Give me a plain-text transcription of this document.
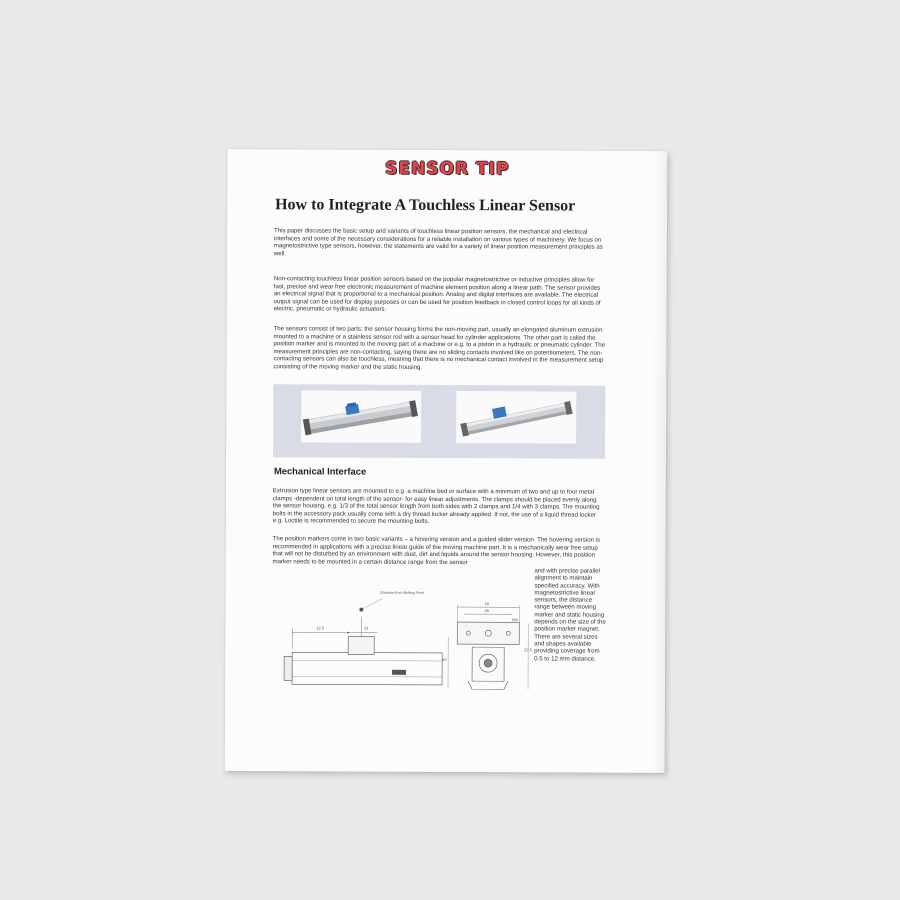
SENSOR TIP
How to Integrate A Touchless Linear Sensor

This paper discusses the basic setup and variants of touchless linear position sensors, the mechanical and electrical interfaces and some of the necessary considerations for a reliable installation on various types of machinery. We focus on magnetostrictive type sensors, however, the statements are valid for a variety of linear position measurement principles as well.

Non-contacting touchless linear position sensors based on the popular magnetostrictive or inductive principles allow for fast, precise and wear free electronic measurement of machine element position along a linear path. The sensor provides an electrical signal that is proportional to a mechanical position. Analog and digital interfaces are available. The electrical output signal can be used for display purposes or can be used for position feedback in closed control loops for all kinds of electric, pneumatic or hydraulic actuators.

The sensors consist of two parts: the sensor housing forms the non-moving part, usually an elongated aluminum extrusion mounted to a machine or a stainless sensor rod with a sensor head for cylinder applications. The other part is called the position marker and is mounted to the moving part of a machine or e.g. to a piston in a hydraulic or pneumatic cylinder. The measurement principles are non-contacting, saying there are no sliding contacts involved like on potentiometers. The non-contacting sensors can also be touchless, meaning that there is no mechanical contact involved in the measurement setup consisting of the moving marker and the static housing.

Mechanical Interface

Extrusion type linear sensors are mounted to e.g. a machine bed or surface with a minimum of two and up to four metal clamps -dependent on total length of the sensor- for easy linear adjustments. The clamps should be placed evenly along the sensor housing, e.g. 1/3 of the total sensor length from both sides with 2 clamps and 1/4 with 3 clamps. The mounting bolts in the accessory pack usually come with a dry thread locker already applied. If not, the use of a liquid thread locker e.g. Loctite is recommended to secure the mounting bolts.

The position markers come in two basic variants – a hovering version and a guided slider version. The hovering version is recommended in applications with a precise linear guide of the moving machine part. It is a mechanically wear free setup that will not be disturbed by an environment with dust, dirt and liquids around the sensor housing. However, this position marker needs to be mounted in a certain distance range from the sensor

Distance from Bolting Point
12.5	31
18
28
40
22.5
M4

and with precise parallel alignment to maintain specified accuracy. With magnetostrictive linear sensors, the distance range between moving marker and static housing depends on the size of the position marker magnet. There are several sizes and shapes available providing coverage from 0.5 to 12 mm distance.
